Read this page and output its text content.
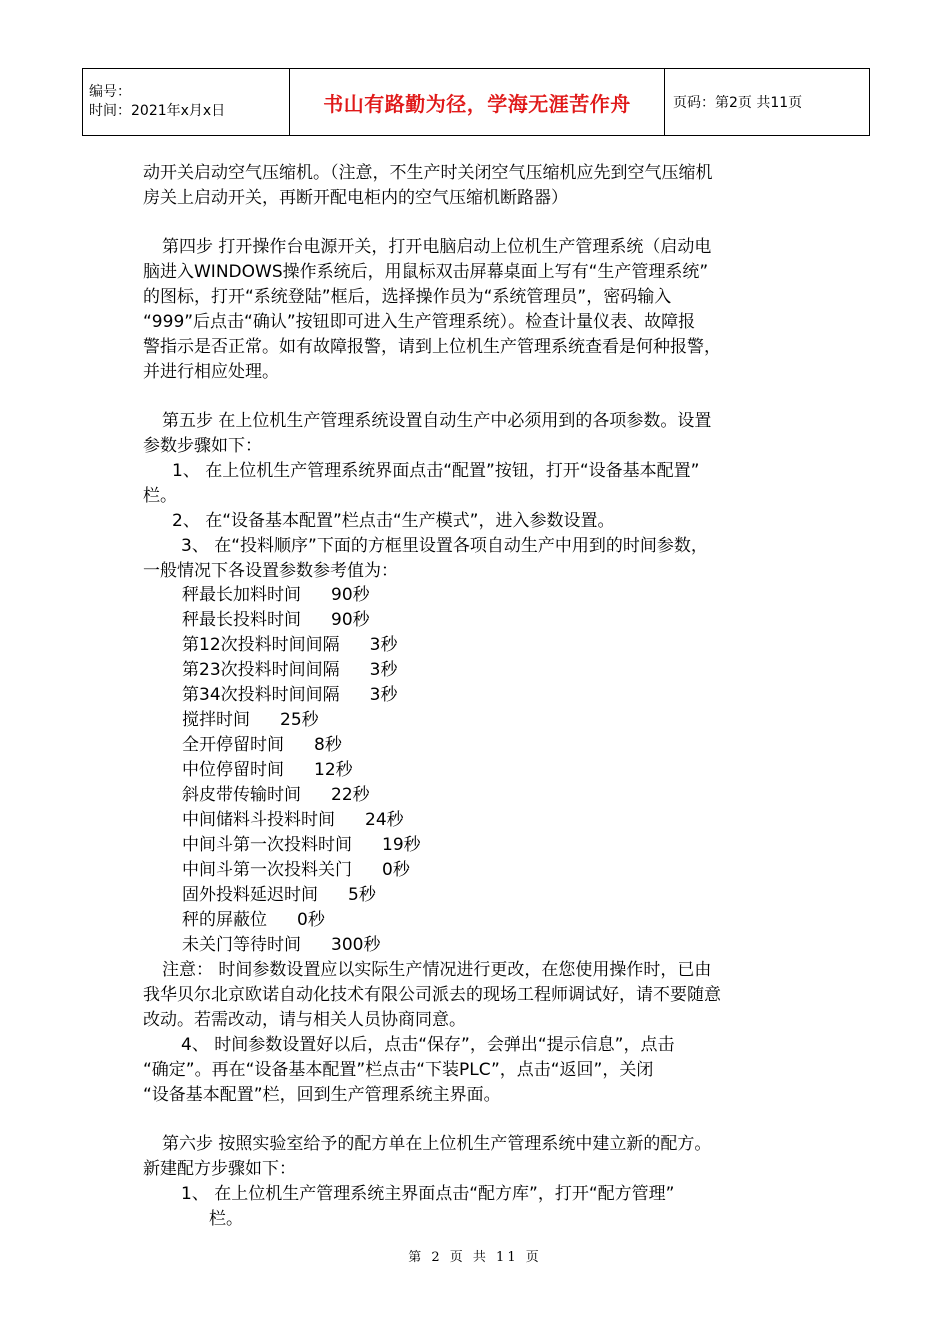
编号：
时间：2021年x月x日	书山有路勤为径，学海无涯苦作舟	页码：第2页 共11页
动开关启动空气压缩机。（注意，不生产时关闭空气压缩机应先到空气压缩机
房关上启动开关，再断开配电柜内的空气压缩机断路器）
第四步 打开操作台电源开关，打开电脑启动上位机生产管理系统（启动电
脑进入WINDOWS操作系统后，用鼠标双击屏幕桌面上写有“生产管理系统”
的图标，打开“系统登陆”框后，选择操作员为“系统管理员”，密码输入
“999”后点击“确认”按钮即可进入生产管理系统）。检查计量仪表、故障报
警指示是否正常。如有故障报警，请到上位机生产管理系统查看是何种报警，
并进行相应处理。
第五步 在上位机生产管理系统设置自动生产中必须用到的各项参数。设置
参数步骤如下：
1、 在上位机生产管理系统界面点击“配置”按钮，打开“设备基本配置”
栏。
2、 在“设备基本配置”栏点击“生产模式”，进入参数设置。
3、 在“投料顺序”下面的方框里设置各项自动生产中用到的时间参数，
一般情况下各设置参数参考值为：
秤最长加料时间 90秒
秤最长投料时间 90秒
第12次投料时间间隔 3秒
第23次投料时间间隔 3秒
第34次投料时间间隔 3秒
搅拌时间 25秒
全开停留时间 8秒
中位停留时间 12秒
斜皮带传输时间 22秒
中间储料斗投料时间 24秒
中间斗第一次投料时间 19秒
中间斗第一次投料关门 0秒
固外投料延迟时间 5秒
秤的屏蔽位 0秒
未关门等待时间 300秒
注意： 时间参数设置应以实际生产情况进行更改，在您使用操作时，已由
我华贝尔北京欧诺自动化技术有限公司派去的现场工程师调试好，请不要随意
改动。若需改动，请与相关人员协商同意。
4、 时间参数设置好以后，点击“保存”，会弹出“提示信息”，点击
“确定”。再在“设备基本配置”栏点击“下装PLC”，点击“返回”，关闭
“设备基本配置”栏，回到生产管理系统主界面。
第六步 按照实验室给予的配方单在上位机生产管理系统中建立新的配方。
新建配方步骤如下：
1、 在上位机生产管理系统主界面点击“配方库”，打开“配方管理”
栏。
第 2 页 共 11 页
